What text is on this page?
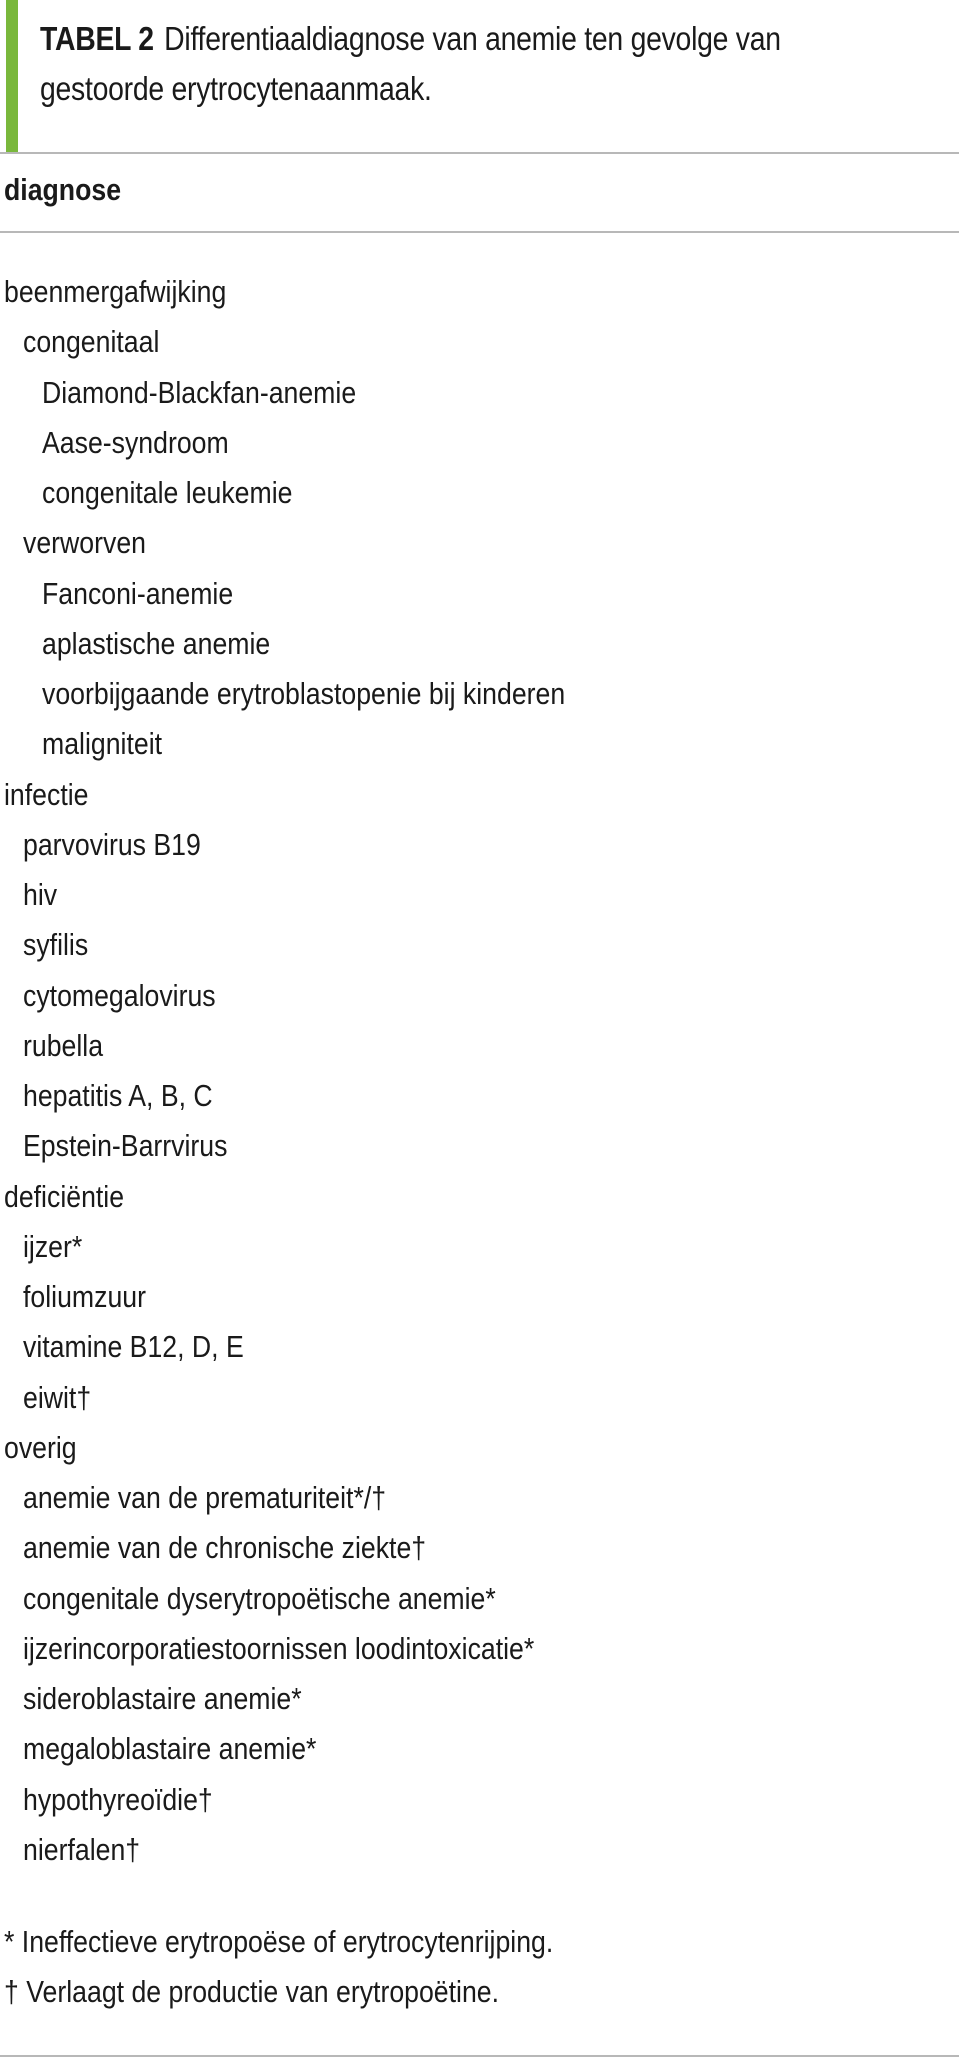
TABEL 2 Differentiaaldiagnose van anemie ten gevolge van
gestoorde erytrocytenaanmaak.
diagnose
beenmergafwijking
congenitaal
Diamond-Blackfan-anemie
Aase-syndroom
congenitale leukemie
verworven
Fanconi-anemie
aplastische anemie
voorbijgaande erytroblastopenie bij kinderen
maligniteit
infectie
parvovirus B19
hiv
syfilis
cytomegalovirus
rubella
hepatitis A, B, C
Epstein-Barrvirus
deficiëntie
ijzer*
foliumzuur
vitamine B12, D, E
eiwit†
overig
anemie van de prematuriteit*/†
anemie van de chronische ziekte†
congenitale dyserytropoëtische anemie*
ijzerincorporatiestoornissen loodintoxicatie*
sideroblastaire anemie*
megaloblastaire anemie*
hypothyreoïdie†
nierfalen†
* Ineffectieve erytropoëse of erytrocytenrijping.
† Verlaagt de productie van erytropoëtine.
